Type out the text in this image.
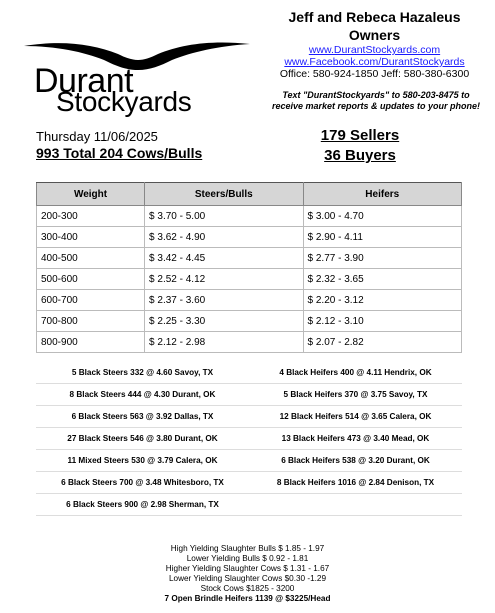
Durant
Stockyards
Jeff and Rebeca Hazaleus
Owners
www.DurantStockyards.com
www.Facebook.com/DurantStockyards
Office: 580-924-1850 Jeff: 580-380-6300
Text "DurantStockyards" to 580-203-8475 to
receive market reports & updates to your phone!
Thursday 11/06/2025
993 Total 204 Cows/Bulls
179 Sellers
36 Buyers
Weight	Steers/Bulls	Heifers
200-300	$ 3.70 - 5.00	$ 3.00 - 4.70
300-400	$ 3.62 - 4.90	$ 2.90 - 4.11
400-500	$ 3.42 - 4.45	$ 2.77 - 3.90
500-600	$ 2.52 - 4.12	$ 2.32 - 3.65
600-700	$ 2.37 - 3.60	$ 2.20 - 3.12
700-800	$ 2.25 - 3.30	$ 2.12 - 3.10
800-900	$ 2.12 - 2.98	$ 2.07 - 2.82
5 Black Steers 332 @ 4.60 Savoy, TX	4 Black Heifers 400 @ 4.11 Hendrix, OK
8 Black Steers 444 @ 4.30 Durant, OK	5 Black Heifers 370 @ 3.75 Savoy, TX
6 Black Steers 563 @ 3.92 Dallas, TX	12 Black Heifers 514 @ 3.65 Calera, OK
27 Black Steers 546 @ 3.80 Durant, OK	13 Black Heifers 473 @ 3.40 Mead, OK
11 Mixed Steers 530 @ 3.79 Calera, OK	6 Black Heifers 538 @ 3.20 Durant, OK
6 Black Steers 700 @ 3.48 Whitesboro, TX	8 Black Heifers 1016 @ 2.84 Denison, TX
6 Black Steers 900 @ 2.98 Sherman, TX
High Yielding Slaughter Bulls $ 1.85 - 1.97
Lower Yielding Bulls $ 0.92 - 1.81
Higher Yielding Slaughter Cows $ 1.31 - 1.67
Lower Yielding Slaughter Cows $0.30 -1.29
Stock Cows $1825 - 3200
7 Open Brindle Heifers 1139 @ $3225/Head
